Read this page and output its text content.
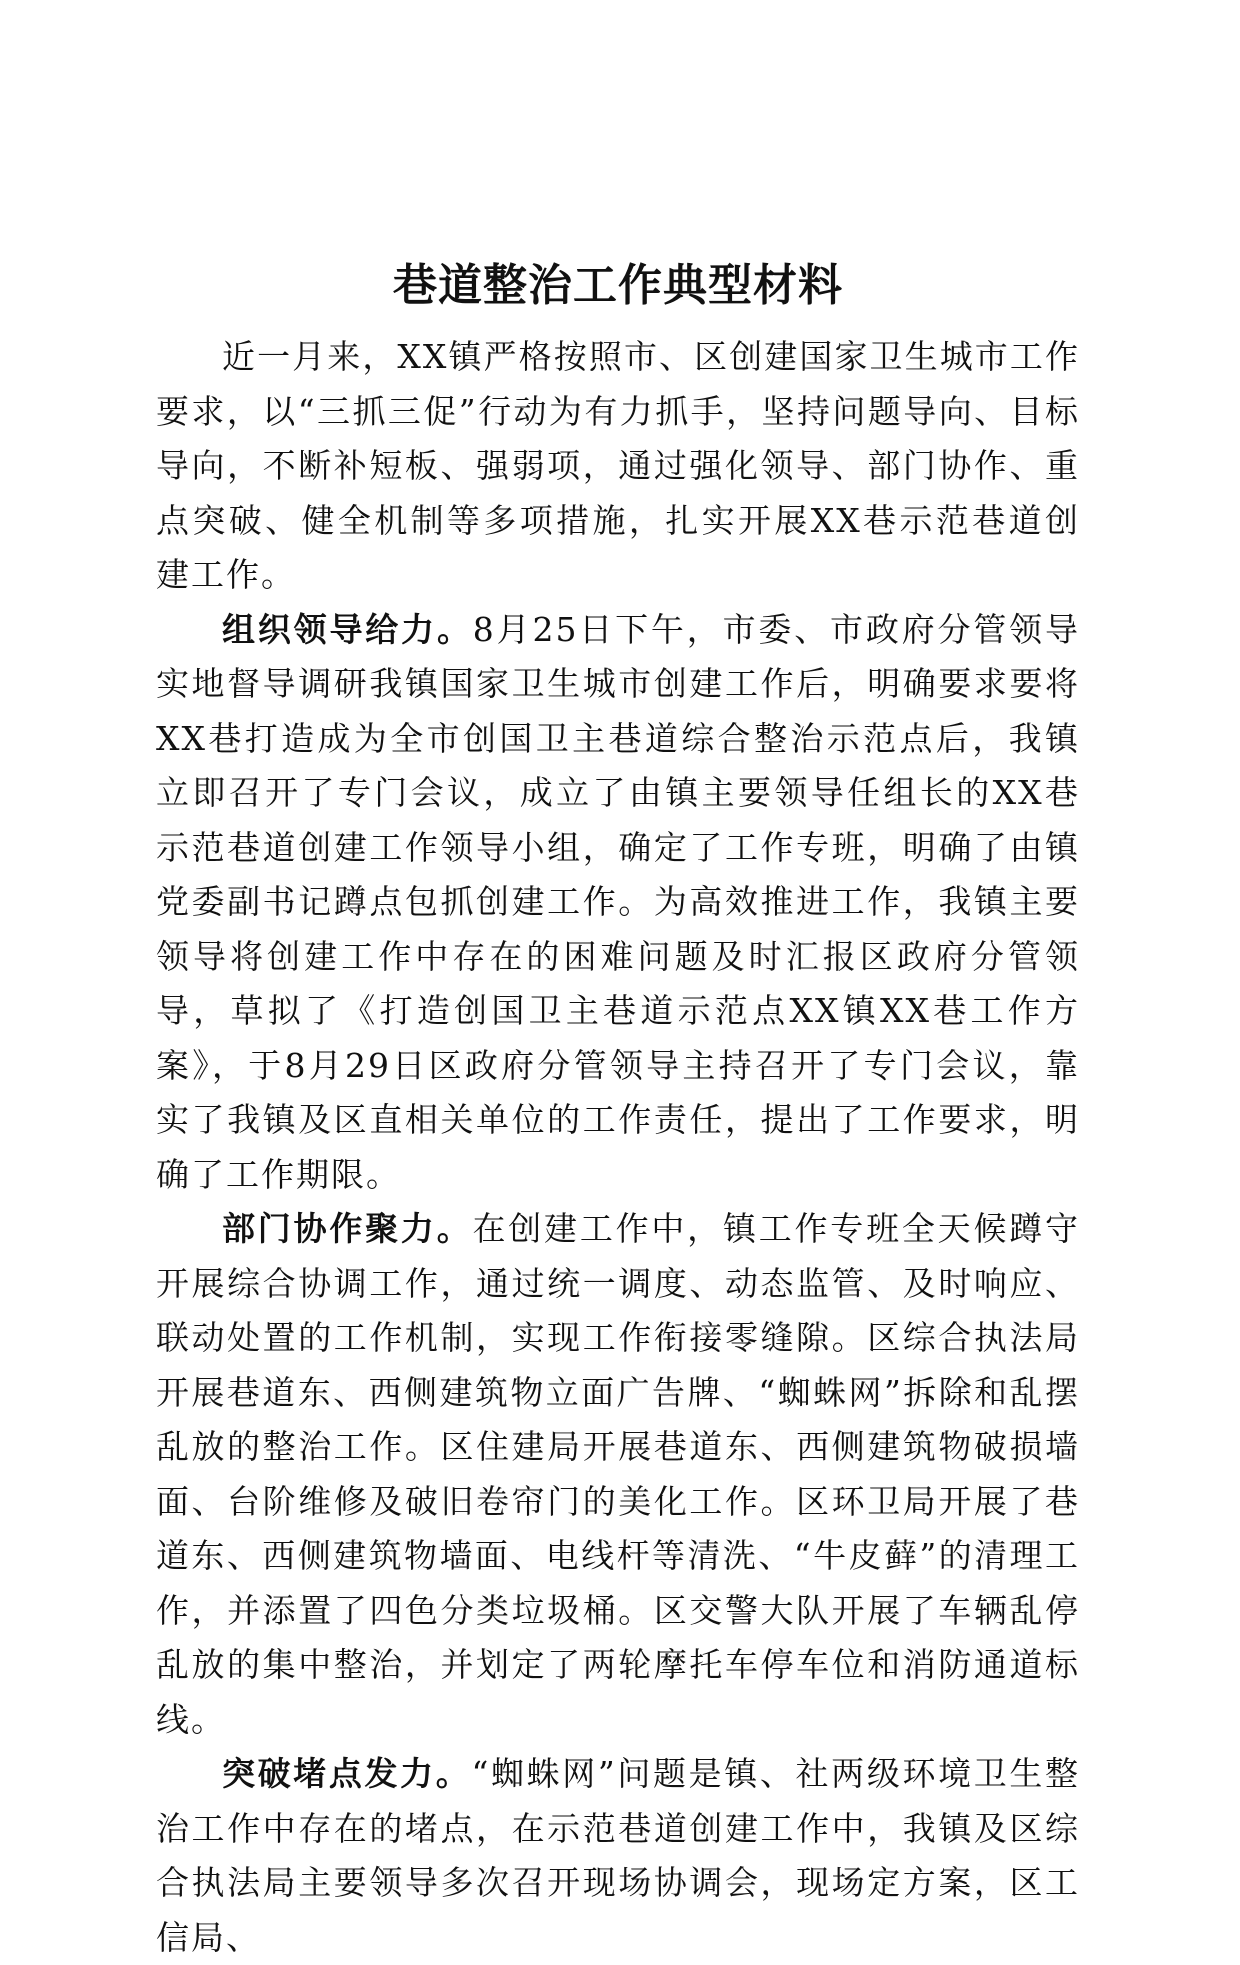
巷道整治工作典型材料

近一月来，XX镇严格按照市、区创建国家卫生城市工作要求，以“三抓三促”行动为有力抓手，坚持问题导向、目标导向，不断补短板、强弱项，通过强化领导、部门协作、重点突破、健全机制等多项措施，扎实开展XX巷示范巷道创建工作。

组织领导给力。8月25日下午，市委、市政府分管领导实地督导调研我镇国家卫生城市创建工作后，明确要求要将XX巷打造成为全市创国卫主巷道综合整治示范点后，我镇立即召开了专门会议，成立了由镇主要领导任组长的XX巷示范巷道创建工作领导小组，确定了工作专班，明确了由镇党委副书记蹲点包抓创建工作。为高效推进工作，我镇主要领导将创建工作中存在的困难问题及时汇报区政府分管领导，草拟了《打造创国卫主巷道示范点XX镇XX巷工作方案》，于8月29日区政府分管领导主持召开了专门会议，靠实了我镇及区直相关单位的工作责任，提出了工作要求，明确了工作期限。

部门协作聚力。在创建工作中，镇工作专班全天候蹲守开展综合协调工作，通过统一调度、动态监管、及时响应、联动处置的工作机制，实现工作衔接零缝隙。区综合执法局开展巷道东、西侧建筑物立面广告牌、“蜘蛛网”拆除和乱摆乱放的整治工作。区住建局开展巷道东、西侧建筑物破损墙面、台阶维修及破旧卷帘门的美化工作。区环卫局开展了巷道东、西侧建筑物墙面、电线杆等清洗、“牛皮藓”的清理工作，并添置了四色分类垃圾桶。区交警大队开展了车辆乱停乱放的集中整治，并划定了两轮摩托车停车位和消防通道标线。

突破堵点发力。“蜘蛛网”问题是镇、社两级环境卫生整治工作中存在的堵点，在示范巷道创建工作中，我镇及区综合执法局主要领导多次召开现场协调会，现场定方案，区工信局、
